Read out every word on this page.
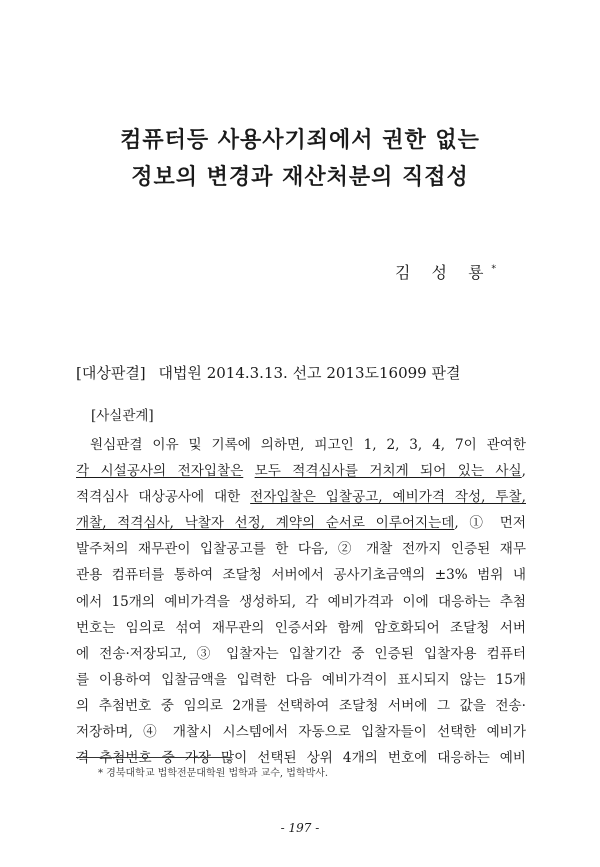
컴퓨터등 사용사기죄에서 권한 없는
정보의 변경과 재산처분의 직접성
김 성 룡*
[대상판결] 대법원 2014.3.13. 선고 2013도16099 판결
[사실관계]
원심판결 이유 및 기록에 의하면, 피고인 1, 2, 3, 4, 7이 관여한
각 시설공사의 전자입찰은 모두 적격심사를 거치게 되어 있는 사실,
적격심사 대상공사에 대한 전자입찰은 입찰공고, 예비가격 작성, 투찰,
개찰, 적격심사, 낙찰자 선정, 계약의 순서로 이루어지는데, ① 먼저
발주처의 재무관이 입찰공고를 한 다음, ② 개찰 전까지 인증된 재무
관용 컴퓨터를 통하여 조달청 서버에서 공사기초금액의 ±3% 범위 내
에서 15개의 예비가격을 생성하되, 각 예비가격과 이에 대응하는 추첨
번호는 임의로 섞여 재무관의 인증서와 함께 암호화되어 조달청 서버
에 전송·저장되고, ③ 입찰자는 입찰기간 중 인증된 입찰자용 컴퓨터
를 이용하여 입찰금액을 입력한 다음 예비가격이 표시되지 않는 15개
의 추첨번호 중 임의로 2개를 선택하여 조달청 서버에 그 값을 전송·
저장하며, ④ 개찰시 시스템에서 자동으로 입찰자들이 선택한 예비가
격 추첨번호 중 가장 많이 선택된 상위 4개의 번호에 대응하는 예비
* 경북대학교 법학전문대학원 법학과 교수, 법학박사.
- 197 -
